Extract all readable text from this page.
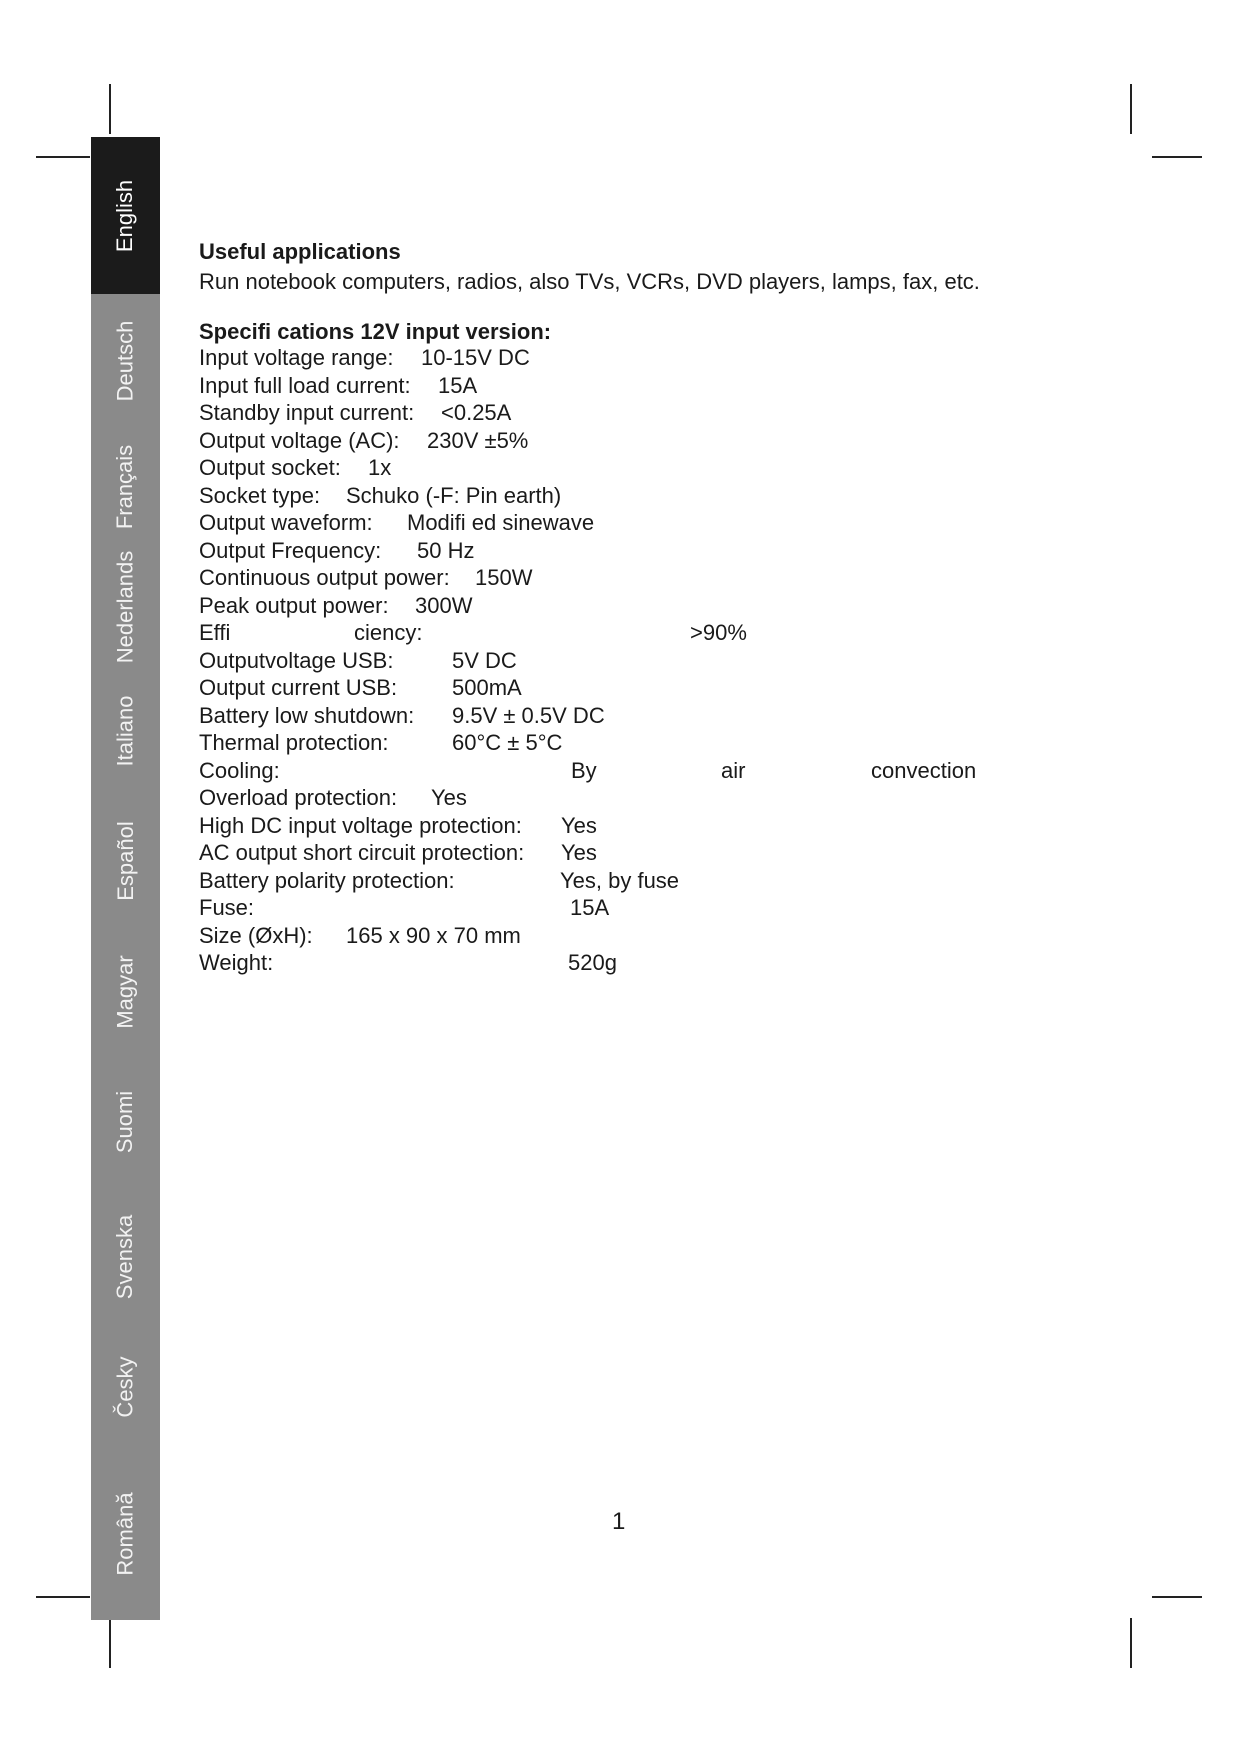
English
Deutsch
Français
Nederlands
Italiano
Español
Magyar
Suomi
Svenska
Česky
Română

Useful applications

Run notebook computers, radios, also TVs, VCRs, DVD players, lamps, fax, etc.

Specifi cations 12V input version:

Input voltage range: 10-15V DC
Input full load current: 15A
Standby input current: <0.25A
Output voltage (AC): 230V ±5%
Output socket: 1x
Socket type: Schuko (-F: Pin earth)
Output waveform: Modifi ed sinewave
Output Frequency: 50 Hz
Continuous output power: 150W
Peak output power: 300W
Effi	ciency:	>90%
Outputvoltage USB:	5V DC
Output current USB: 500mA
Battery low shutdown: 9.5V ± 0.5V DC
Thermal protection:	60°C ± 5°C
Cooling:	By	air	convection
Overload protection: Yes
High DC input voltage protection: Yes
AC output short circuit protection: Yes
Battery polarity protection:	Yes, by fuse
Fuse:	15A
Size (ØxH): 165 x 90 x 70 mm
Weight:	520g
1
